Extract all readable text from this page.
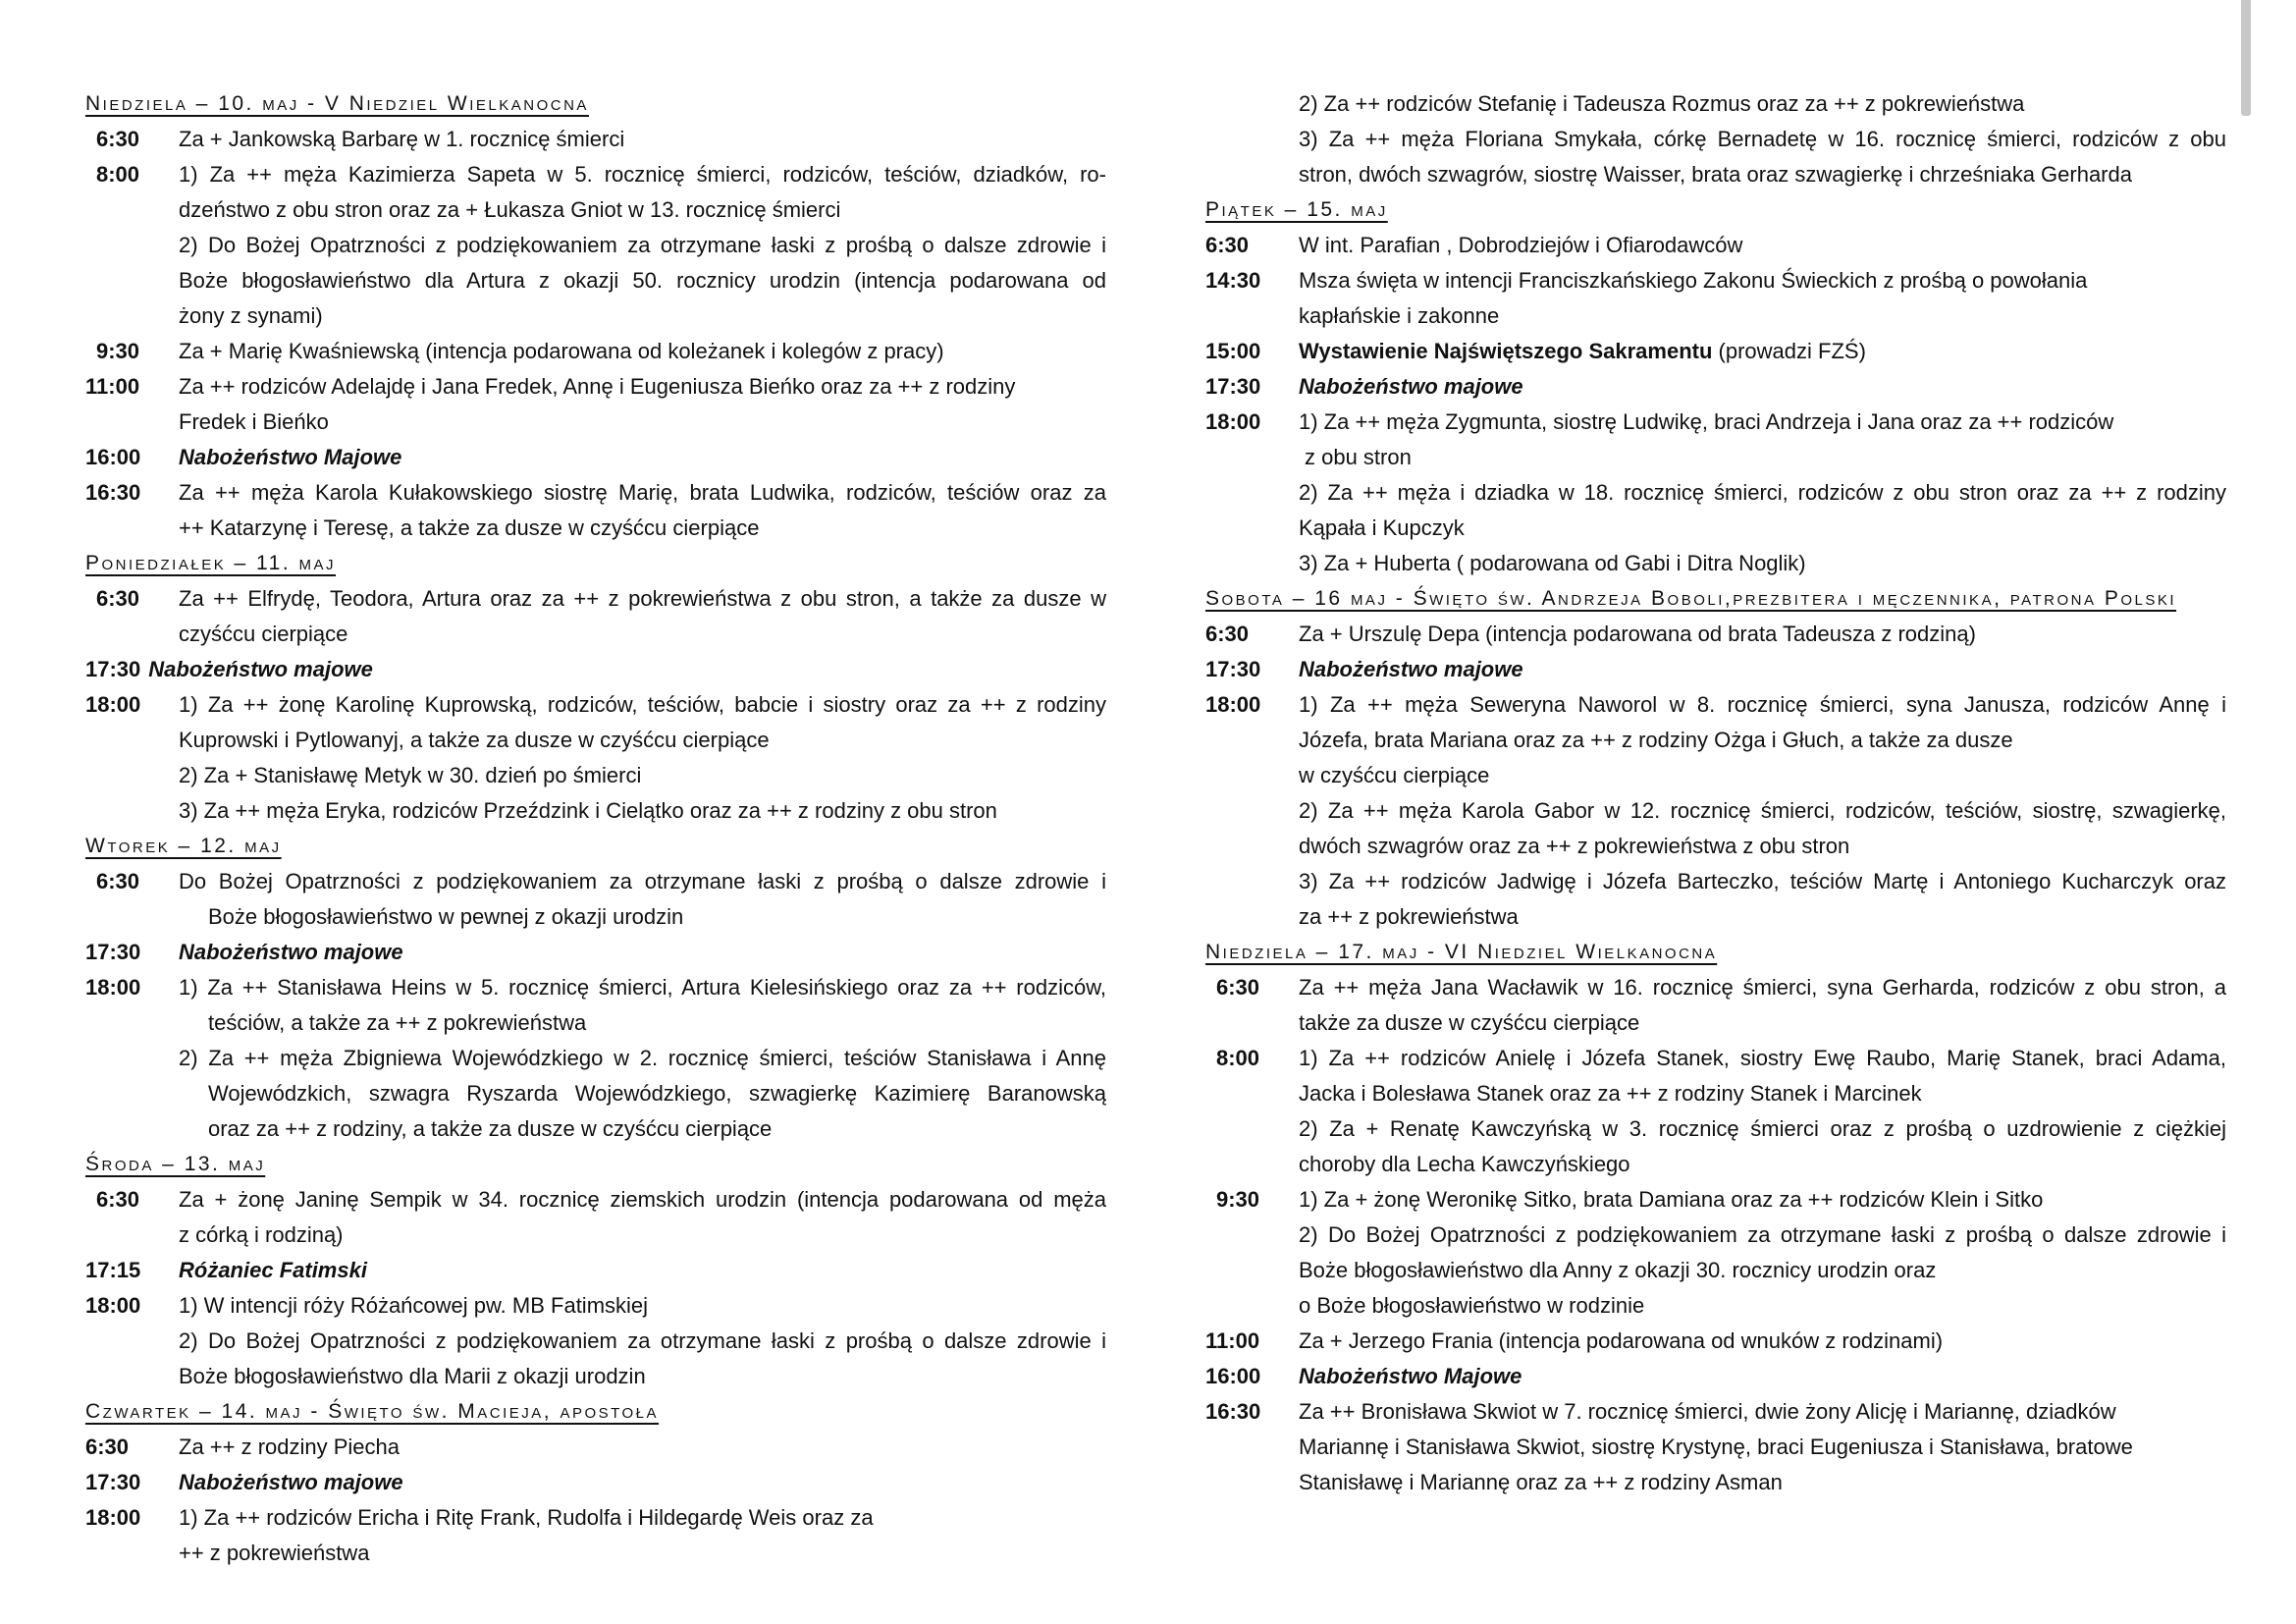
Niedziela – 10. maj - V Niedziel Wielkanocna
6:30	Za + Jankowską Barbarę w 1. rocznicę śmierci
8:00	1) Za ++ męża Kazimierza Sapeta w 5. rocznicę śmierci, rodziców, teściów, dziadków, ro-
dzeństwo z obu stron oraz za + Łukasza Gniot w 13. rocznicę śmierci
2) Do Bożej Opatrzności z podziękowaniem za otrzymane łaski z prośbą o dalsze zdrowie i
Boże błogosławieństwo dla Artura z okazji 50. rocznicy urodzin (intencja podarowana od
żony z synami)
9:30	Za + Marię Kwaśniewską (intencja podarowana od koleżanek i kolegów z pracy)
11:00	Za ++ rodziców Adelajdę i Jana Fredek, Annę i Eugeniusza Bieńko oraz za ++ z rodziny
Fredek i Bieńko
16:00	Nabożeństwo Majowe
16:30	Za ++ męża Karola Kułakowskiego siostrę Marię, brata Ludwika, rodziców, teściów oraz za
++ Katarzynę i Teresę, a także za dusze w czyśćcu cierpiące
Poniedziałek – 11. maj
6:30	Za ++ Elfrydę, Teodora, Artura oraz za ++ z pokrewieństwa z obu stron, a także za dusze w
czyśćcu cierpiące
17:30 Nabożeństwo majowe
18:00	1) Za ++ żonę Karolinę Kuprowską, rodziców, teściów, babcie i siostry oraz za ++ z rodziny
Kuprowski i Pytlowanyj, a także za dusze w czyśćcu cierpiące
2) Za + Stanisławę Metyk w 30. dzień po śmierci
3) Za ++ męża Eryka, rodziców Przeździnk i Cielątko oraz za ++ z rodziny z obu stron
Wtorek – 12. maj
6:30	Do Bożej Opatrzności z podziękowaniem za otrzymane łaski z prośbą o dalsze zdrowie i
Boże błogosławieństwo w pewnej z okazji urodzin
17:30	Nabożeństwo majowe
18:00	1) Za ++ Stanisława Heins w 5. rocznicę śmierci, Artura Kielesińskiego oraz za ++ rodziców,
teściów, a także za ++ z pokrewieństwa
2) Za ++ męża Zbigniewa Wojewódzkiego w 2. rocznicę śmierci, teściów Stanisława i Annę
Wojewódzkich, szwagra Ryszarda Wojewódzkiego, szwagierkę Kazimierę Baranowską
oraz za ++ z rodziny, a także za dusze w czyśćcu cierpiące
Środa – 13. maj
6:30	Za + żonę Janinę Sempik w 34. rocznicę ziemskich urodzin (intencja podarowana od męża
z córką i rodziną)
17:15	Różaniec Fatimski
18:00	1) W intencji róży Różańcowej pw. MB Fatimskiej
2) Do Bożej Opatrzności z podziękowaniem za otrzymane łaski z prośbą o dalsze zdrowie i
Boże błogosławieństwo dla Marii z okazji urodzin
Czwartek – 14. maj - Święto św. Macieja, apostoła
6:30	Za ++ z rodziny Piecha
17:30	Nabożeństwo majowe
18:00	1) Za ++ rodziców Ericha i Ritę Frank, Rudolfa i Hildegardę Weis oraz za
++ z pokrewieństwa
2) Za ++ rodziców Stefanię i Tadeusza Rozmus oraz za ++ z pokrewieństwa
3) Za ++ męża Floriana Smykała, córkę Bernadetę w 16. rocznicę śmierci, rodziców z obu
stron, dwóch szwagrów, siostrę Waisser, brata oraz szwagierkę i chrześniaka Gerharda
Piątek – 15. maj
6:30	W int. Parafian , Dobrodziejów i Ofiarodawców
14:30	Msza święta w intencji Franciszkańskiego Zakonu Świeckich z prośbą o powołania
kapłańskie i zakonne
15:00	Wystawienie Najświętszego Sakramentu (prowadzi FZŚ)
17:30	Nabożeństwo majowe
18:00	1) Za ++ męża Zygmunta, siostrę Ludwikę, braci Andrzeja i Jana oraz za ++ rodziców
z obu stron
2) Za ++ męża i dziadka w 18. rocznicę śmierci, rodziców z obu stron oraz za ++ z rodziny
Kąpała i Kupczyk
3) Za + Huberta ( podarowana od Gabi i Ditra Noglik)
Sobota – 16 maj - Święto św. Andrzeja Boboli,prezbitera i męczennika, patrona Polski
6:30	Za + Urszulę Depa (intencja podarowana od brata Tadeusza z rodziną)
17:30	Nabożeństwo majowe
18:00	1) Za ++ męża Seweryna Naworol w 8. rocznicę śmierci, syna Janusza, rodziców Annę i
Józefa, brata Mariana oraz za ++ z rodziny Ożga i Głuch, a także za dusze
w czyśćcu cierpiące
2) Za ++ męża Karola Gabor w 12. rocznicę śmierci, rodziców, teściów, siostrę, szwagierkę,
dwóch szwagrów oraz za ++ z pokrewieństwa z obu stron
3) Za ++ rodziców Jadwigę i Józefa Barteczko, teściów Martę i Antoniego Kucharczyk oraz
za ++ z pokrewieństwa
Niedziela – 17. maj - VI Niedziel Wielkanocna
6:30	Za ++ męża Jana Wacławik w 16. rocznicę śmierci, syna Gerharda, rodziców z obu stron, a
także za dusze w czyśćcu cierpiące
8:00	1) Za ++ rodziców Anielę i Józefa Stanek, siostry Ewę Raubo, Marię Stanek, braci Adama,
Jacka i Bolesława Stanek oraz za ++ z rodziny Stanek i Marcinek
2) Za + Renatę Kawczyńską w 3. rocznicę śmierci oraz z prośbą o uzdrowienie z ciężkiej
choroby dla Lecha Kawczyńskiego
9:30	1) Za + żonę Weronikę Sitko, brata Damiana oraz za ++ rodziców Klein i Sitko
2) Do Bożej Opatrzności z podziękowaniem za otrzymane łaski z prośbą o dalsze zdrowie i
Boże błogosławieństwo dla Anny z okazji 30. rocznicy urodzin oraz
o Boże błogosławieństwo w rodzinie
11:00	Za + Jerzego Frania (intencja podarowana od wnuków z rodzinami)
16:00	Nabożeństwo Majowe
16:30	Za ++ Bronisława Skwiot w 7. rocznicę śmierci, dwie żony Alicję i Mariannę, dziadków
Mariannę i Stanisława Skwiot, siostrę Krystynę, braci Eugeniusza i Stanisława, bratowe
Stanisławę i Mariannę oraz za ++ z rodziny Asman
